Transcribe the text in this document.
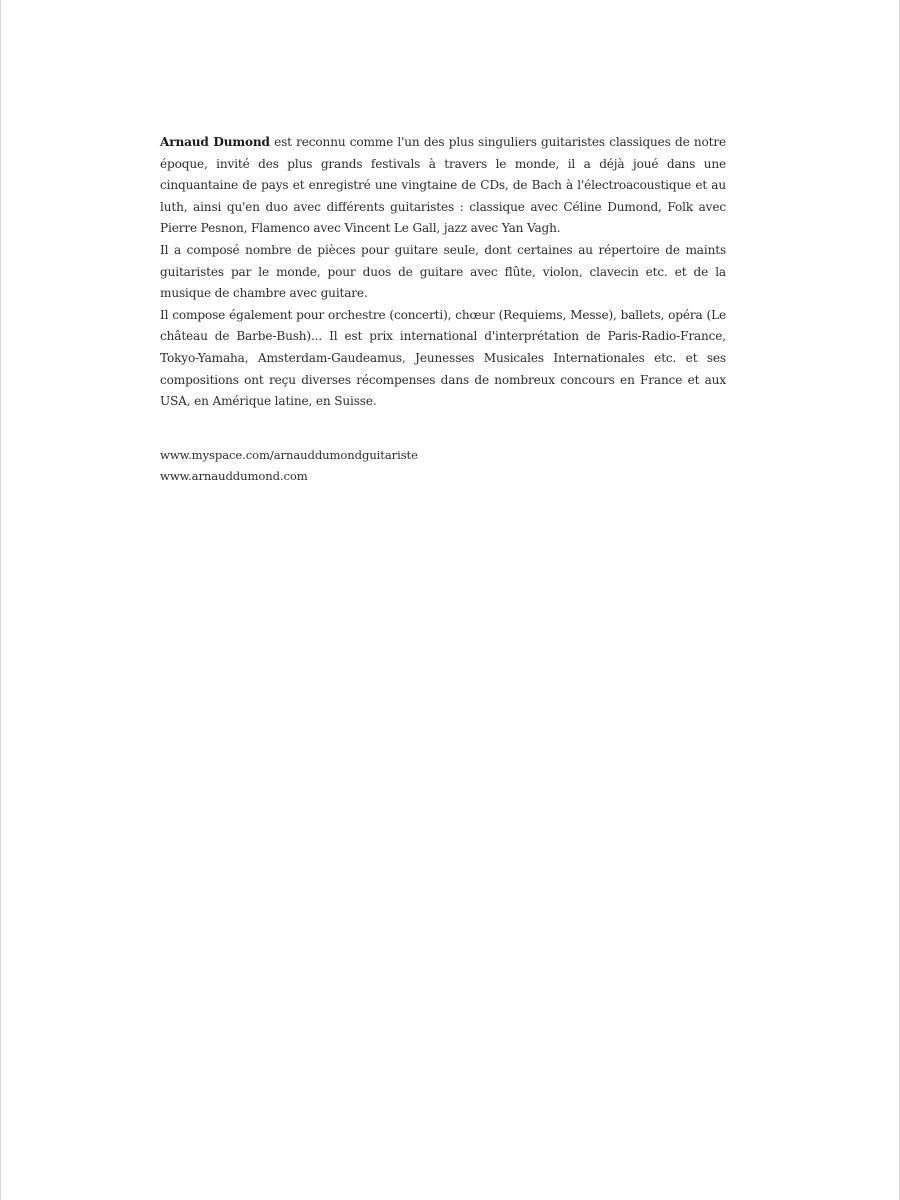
Arnaud Dumond est reconnu comme l'un des plus singuliers guitaristes classiques de notre époque, invité des plus grands festivals à travers le monde, il a déjà joué dans une cinquantaine de pays et enregistré une vingtaine de CDs, de Bach à l'électroacoustique et au luth, ainsi qu'en duo avec différents guitaristes : classique avec Céline Dumond, Folk avec Pierre Pesnon, Flamenco avec Vincent Le Gall, jazz avec Yan Vagh.

Il a composé nombre de pièces pour guitare seule, dont certaines au répertoire de maints guitaristes par le monde, pour duos de guitare avec flûte, violon, clavecin etc. et de la musique de chambre avec guitare.

Il compose également pour orchestre (concerti), chœur (Requiems, Messe), ballets, opéra (Le château de Barbe-Bush)... Il est prix international d'interprétation de Paris-Radio-France, Tokyo-Yamaha, Amsterdam-Gaudeamus, Jeunesses Musicales Internationales etc. et ses compositions ont reçu diverses récompenses dans de nombreux concours en France et aux USA, en Amérique latine, en Suisse.

www.myspace.com/arnauddumondguitariste
www.arnauddumond.com
